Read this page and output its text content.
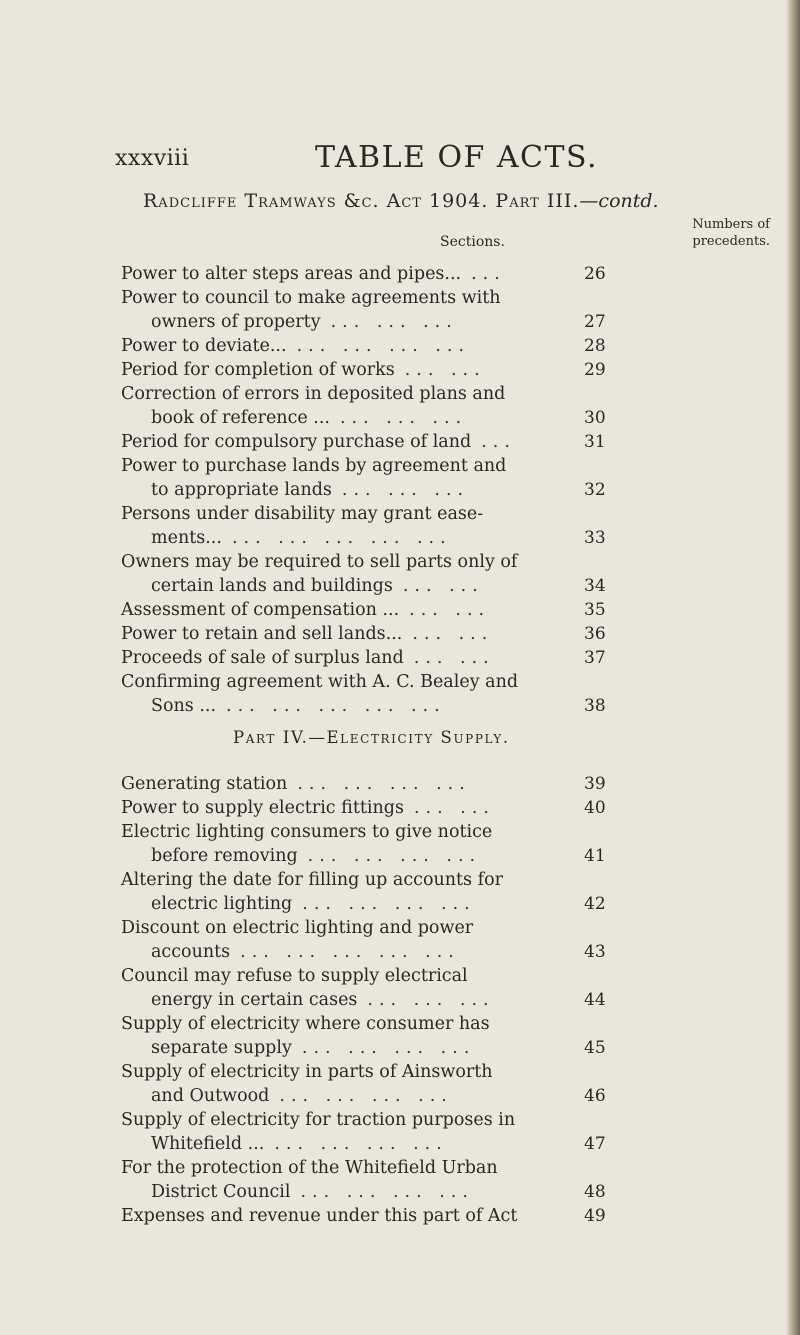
xxxviii	TABLE OF ACTS.
Radcliffe Tramways &c. Act 1904. Part III.—contd.
Sections.
Numbers of
precedents.
Power to alter steps areas and pipes... ...	26
Power to council to make agreements with
owners of property ... ... ...	27
Power to deviate... ... ... ... ...	28
Period for completion of works ... ...	29
Correction of errors in deposited plans and
book of reference ... ... ... ...	30
Period for compulsory purchase of land ...	31
Power to purchase lands by agreement and
to appropriate lands ... ... ...	32
Persons under disability may grant ease-
ments... ... ... ... ... ...	33
Owners may be required to sell parts only of
certain lands and buildings ... ...	34
Assessment of compensation ... ... ...	35
Power to retain and sell lands... ... ...	36
Proceeds of sale of surplus land ... ...	37
Confirming agreement with A. C. Bealey and
Sons ... ... ... ... ... ...	38
Part IV.—Electricity Supply.
Generating station ... ... ... ...	39
Power to supply electric fittings ... ...	40
Electric lighting consumers to give notice
before removing ... ... ... ...	41
Altering the date for filling up accounts for
electric lighting ... ... ... ...	42
Discount on electric lighting and power
accounts ... ... ... ... ...	43
Council may refuse to supply electrical
energy in certain cases ... ... ...	44
Supply of electricity where consumer has
separate supply ... ... ... ...	45
Supply of electricity in parts of Ainsworth
and Outwood ... ... ... ...	46
Supply of electricity for traction purposes in
Whitefield ... ... ... ... ...	47
For the protection of the Whitefield Urban
District Council ... ... ... ...	48
Expenses and revenue under this part of Act	49
